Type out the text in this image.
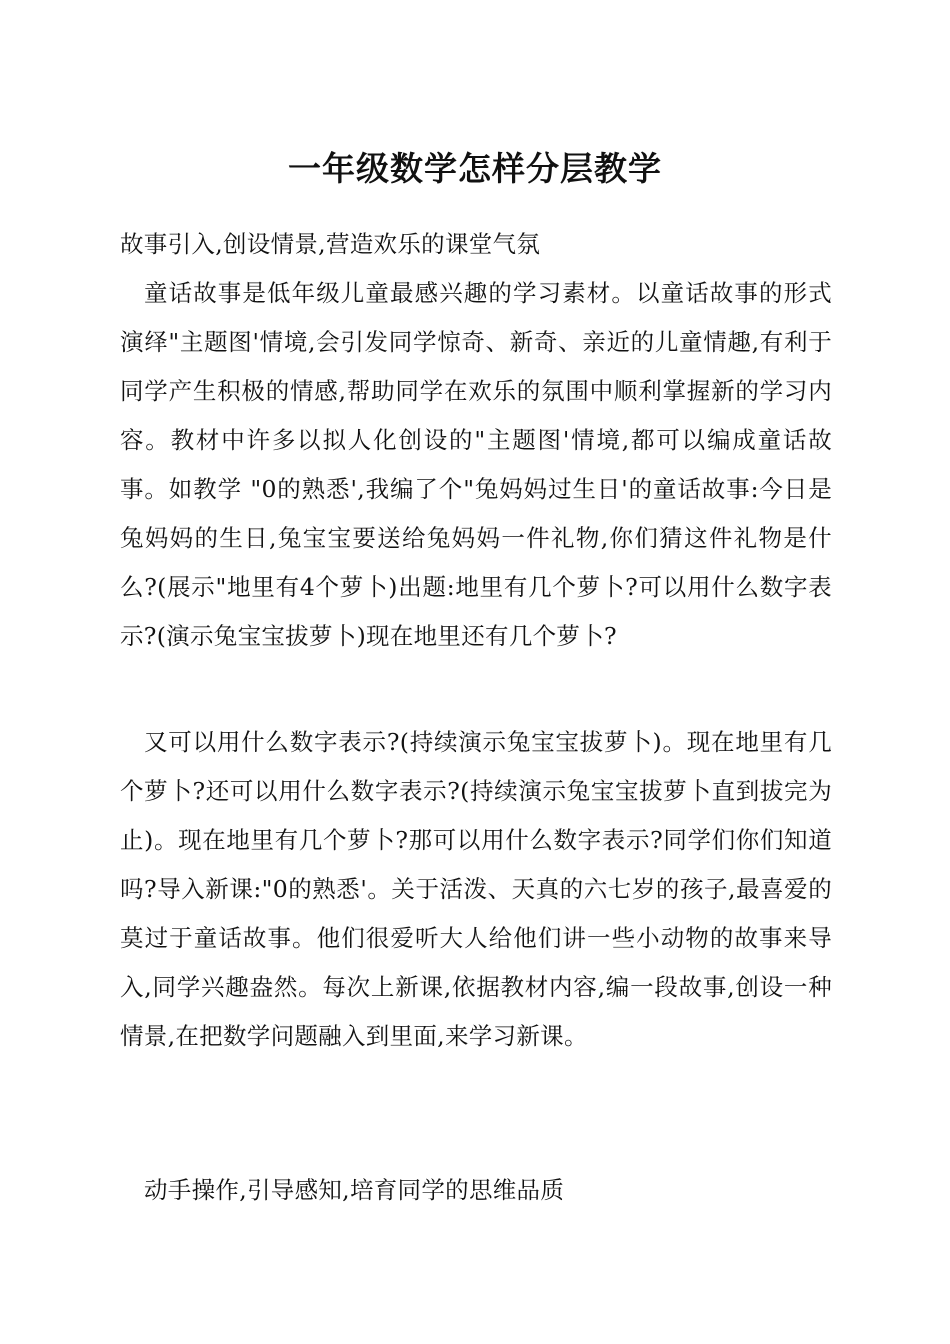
一年级数学怎样分层教学

故事引入,创设情景,营造欢乐的课堂气氛

童话故事是低年级儿童最感兴趣的学习素材。以童话故事的形式演绎"主题图'情境,会引发同学惊奇、新奇、亲近的儿童情趣,有利于同学产生积极的情感,帮助同学在欢乐的氛围中顺利掌握新的学习内容。教材中许多以拟人化创设的"主题图'情境,都可以编成童话故事。如教学 "0的熟悉',我编了个"兔妈妈过生日'的童话故事:今日是兔妈妈的生日,兔宝宝要送给兔妈妈一件礼物,你们猜这件礼物是什么?(展示"地里有4个萝卜)出题:地里有几个萝卜?可以用什么数字表示?(演示兔宝宝拔萝卜)现在地里还有几个萝卜?

又可以用什么数字表示?(持续演示兔宝宝拔萝卜)。现在地里有几个萝卜?还可以用什么数字表示?(持续演示兔宝宝拔萝卜直到拔完为止)。现在地里有几个萝卜?那可以用什么数字表示?同学们你们知道吗?导入新课:"0的熟悉'。关于活泼、天真的六七岁的孩子,最喜爱的莫过于童话故事。他们很爱听大人给他们讲一些小动物的故事来导入,同学兴趣盎然。每次上新课,依据教材内容,编一段故事,创设一种情景,在把数学问题融入到里面,来学习新课。

动手操作,引导感知,培育同学的思维品质
